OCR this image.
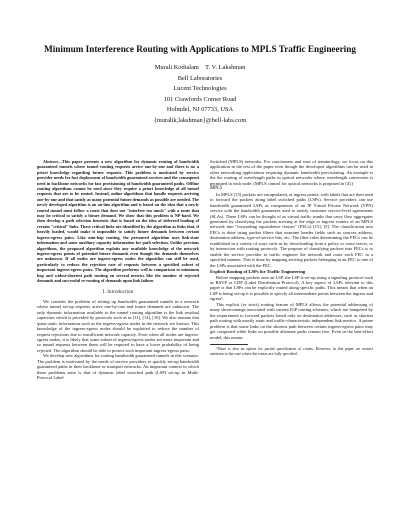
Minimum Interference Routing with Applications to MPLS Traffic Engineering
Murali Kodialam    T. V. Lakshman
Bell Laboratories
Lucent Technologies
101 Crawfords Corner Road
Holmdel, NJ 07733, USA
{muralik,lakshman}@bell-labs.com

Abstract—This paper presents a new algorithm for dynamic routing of bandwidth guaranteed tunnels where tunnel routing requests arrive one-by-one and there is no a priori knowledge regarding future requests. This problem is motivated by service provider needs for fast deployment of bandwidth guaranteed services and the consequent need in backbone networks for fast provisioning of bandwidth guaranteed paths. Offline routing algorithms cannot be used since they require a priori knowledge of all tunnel requests that are to be routed. Instead, online algorithms that handle requests arriving one-by-one and that satisfy as many potential future demands as possible are needed. The newly developed algorithm is an on-line algorithm and is based on the idea that a newly routed tunnel must follow a route that does not "interfere too much" with a route that may be critical to satisfy a future demand. We show that this problem is NP-hard. We then develop a path selection heuristic that is based on the idea of deferred loading of certain "critical" links. These critical links are identified by the algorithm as links that, if heavily loaded, would make it impossible to satisfy future demands between certain ingress-egress pairs. Like min-hop routing, the presented algorithm uses link-state information and some auxiliary capacity information for path selection. Unlike previous algorithms, the proposed algorithm exploits any available knowledge of the network ingress-egress points of potential future demands even though the demands themselves are unknown. If all nodes are ingress-egress nodes the algorithm can still be used, particularly to reduce the rejection rate of requests between a specified subset of important ingress-egress pairs. The algorithm performs well in comparison to minimum hop and widest-shortest path routing on several metrics like the number of rejected demands and successful re-routing of demands upon link failure.

I. Introduction

We consider the problem of setting up bandwidth guaranteed tunnels in a network where tunnel set-up requests arrive one-by-one and future demands are unknown. The only dynamic information available to the tunnel routing algorithm is the link residual capacities which is provided by protocols such as in [11], [14], [16]. We also assume that quasi-static information such as the ingress-egress nodes in the network are known. This knowledge of the ingress-egress nodes should be exploited to reduce the number of request rejections due to insufficient network capacity. Even when all nodes are ingress-egress nodes, it is likely that some subset of ingress-egress nodes are more important and so tunnel requests between them will be required to have a lower probability of being rejected. The algorithm should be able to protect such important ingress-egress pairs.

We develop new algorithms for routing bandwidth guaranteed tunnels in this scenario. The problem is motivated by the needs of service providers to quickly set-up bandwidth guaranteed paths in their backbone or transport networks. An important context in which these problems arise is that of dynamic label switched path (LSP) set-up in Multi-Protocol Label

Switched (MPLS) networks. For conciseness and ease of terminology, we focus on this application in the rest of the paper even though the developed algorithms can be used in other networking applications requiring dynamic bandwidth provisioning. An example is the the routing of wavelength paths in optical networks where wavelength conversion is permitted in each node. (MPLS control for optical networks is proposed in [4].)

MPLS

In MPLS [15] packets are encapsulated, at ingress points, with labels that are then used to forward the packets along label switched paths (LSPs). Service providers can use bandwidth guaranteed LSPs as components of an IP Virtual Private Network (VPN) service with the bandwidth guarantees used to satisfy customer service-level agreements (SLAs). These LSPs can be thought of as virtual traffic trunks that carry flow aggregates generated by classifying the packets arriving at the edge or ingress routers of an MPLS network into "forwarding equivalence classes" (FECs) [15], [5]. The classification into FECs is done using packet filters that examine header fields such as sources address, destination address, type-of-service bits, etc. The filter rules determining the FECs can be established in a variety of ways such as by downloading from a policy or route server, or by interaction with routing protocols. The purpose of classifying packets into FECs is to enable the service provider to traffic engineer the network and route each FEC in a specified manner. This is done by mapping arriving packets belonging to an FEC to one of the LSPs associated with the FEC.

Explicit Routing of LSPs for Traffic Engineering

Before mapping packets onto an LSP, the LSP is set-up using a signaling protocol such as RSVP or LDP (Label Distribution Protocol). A key aspect of LSPs relevant to this paper is that LSPs can be explicitly routed along specific paths. This means that when an LSP is being set-up it is possible to specify all intermediate points between the ingress and egress¹.

This explicit (or strict) routing feature of MPLS allows the potential addressing of many shortcomings associated with current IGP routing schemes, which are hampered by the requirement to forward packets based only on destination addresses, such as shortest path routing with mostly static and traffic-characteristic independent link metrics. A prime problem is that some links on the shortest path between certain ingress-egress pairs may get congested while links on possible alternate paths remain free. Even in the best-effort model, this means

¹There is also an option for partial specification of routes. However, in this paper we restrict attention to the case where the routes are fully specified.
